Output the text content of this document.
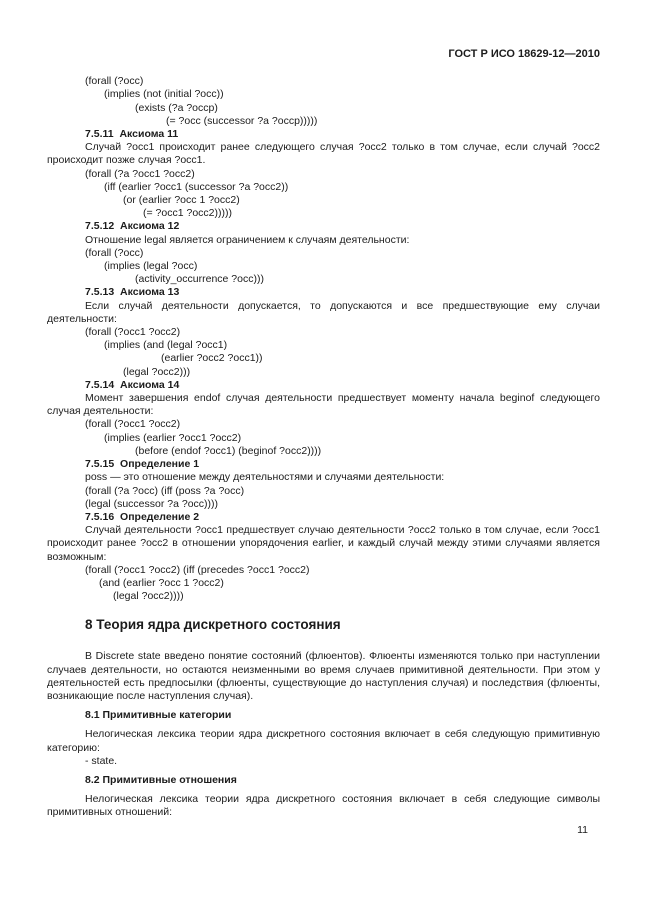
ГОСТ Р ИСО 18629-12—2010
(forall (?occ)
(implies (not (initial ?occ))
(exists (?a ?occp)
(= ?occ (successor ?a ?occp)))))
7.5.11  Аксиома 11
Случай ?occ1 происходит ранее следующего случая ?occ2 только в том случае, если случай ?occ2 происходит позже случая ?occ1.
(forall (?a ?occ1 ?occ2)
(iff (earlier ?occ1 (successor ?a ?occ2))
(or (earlier ?occ 1 ?occ2)
(= ?occ1 ?occ2)))))
7.5.12  Аксиома 12
Отношение legal является ограничением к случаям деятельности:
(forall (?occ)
(implies (legal ?occ)
(activity_occurrence ?occ)))
7.5.13  Аксиома 13
Если случай деятельности допускается, то допускаются и все предшествующие ему случаи деятельности:
(forall (?occ1 ?occ2)
(implies (and (legal ?occ1)
(earlier ?occ2 ?occ1))
(legal ?occ2)))
7.5.14  Аксиома 14
Момент завершения endof случая деятельности предшествует моменту начала beginof следующего случая деятельности:
(forall (?occ1 ?occ2)
(implies (earlier ?occ1 ?occ2)
(before (endof ?occ1) (beginof ?occ2))))
7.5.15  Определение 1
poss — это отношение между деятельностями и случаями деятельности:
(forall (?a ?occ) (iff (poss ?a ?occ)
(legal (successor ?a ?occ))))
7.5.16  Определение 2
Случай деятельности ?occ1 предшествует случаю деятельности ?occ2 только в том случае, если ?occ1 происходит ранее ?occ2 в отношении упорядочения earlier, и каждый случай между этими случаями является возможным:
(forall (?occ1 ?occ2) (iff (precedes ?occ1 ?occ2)
(and (earlier ?occ 1 ?occ2)
(legal ?occ2))))
8 Теория ядра дискретного состояния
В Discrete state введено понятие состояний (флюентов). Флюенты изменяются только при наступлении случаев деятельности, но остаются неизменными во время случаев примитивной деятельности. При этом у деятельностей есть предпосылки (флюенты, существующие до наступления случая) и последствия (флюенты, возникающие после наступления случая).
8.1 Примитивные категории
Нелогическая лексика теории ядра дискретного состояния включает в себя следующую примитивную категорию:
- state.
8.2 Примитивные отношения
Нелогическая лексика теории ядра дискретного состояния включает в себя следующие символы примитивных отношений:
11
